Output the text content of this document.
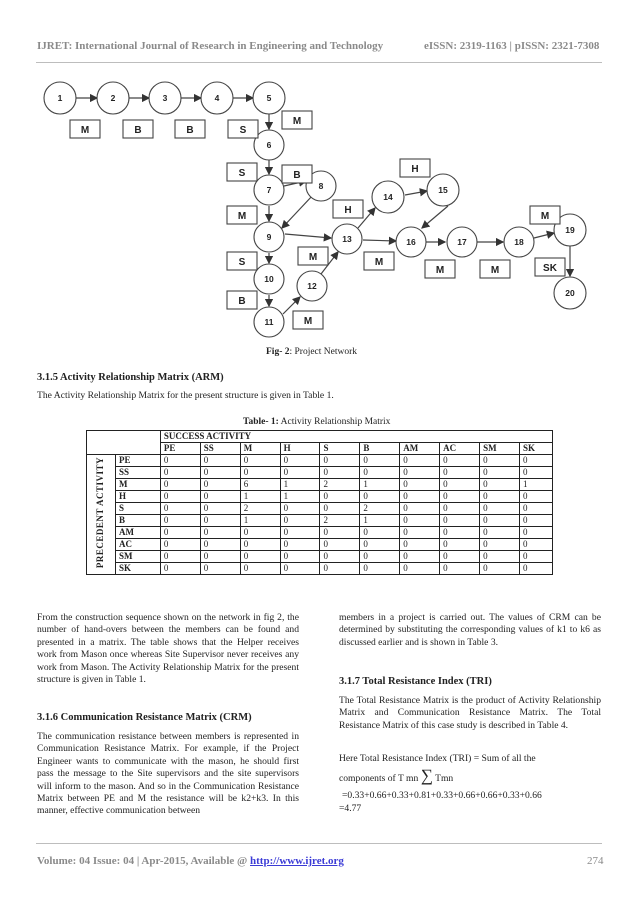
IJRET: International Journal of Research in Engineering and Technology	eISSN: 2319-1163 | pISSN: 2321-7308
1	2	3	4	5
6
7	8
9
10
11
12
13
14
15
16	17	18
19
20
M	B	B	S
M
S	B
H
M
S	M
B
M
H
M
M	M	SK
M
Fig- 2: Project Network
3.1.5 Activity Relationship Matrix (ARM)
The Activity Relationship Matrix for the present structure is given in Table 1.
Table- 1: Activity Relationship Matrix
		SUCCESS ACTIVITY									
		PE	SS	M	H	S	B	AM	AC	SM	SK
PRECEDENT ACTIVITY	PE	0	0	0	0	0	0	0	0	0	0
	SS	0	0	0	0	0	0	0	0	0	0
	M	0	0	6	1	2	1	0	0	0	1
	H	0	0	1	1	0	0	0	0	0	0
	S	0	0	2	0	0	2	0	0	0	0
	B	0	0	1	0	2	1	0	0	0	0
	AM	0	0	0	0	0	0	0	0	0	0
	AC	0	0	0	0	0	0	0	0	0	0
	SM	0	0	0	0	0	0	0	0	0	0
	SK	0	0	0	0	0	0	0	0	0	0
From the construction sequence shown on the network in fig 2, the number of hand-overs between the members can be found and presented in a matrix. The table shows that the Helper receives work from Mason once whereas Site Supervisor never receives any work from Mason. The Activity Relationship Matrix for the present structure is given in Table 1.
3.1.6 Communication Resistance Matrix (CRM)
The communication resistance between members is represented in Communication Resistance Matrix. For example, if the Project Engineer wants to communicate with the mason, he should first pass the message to the Site supervisors and the site supervisors will inform to the mason. And so in the Communication Resistance Matrix between PE and M the resistance will be k2+k3. In this manner, effective communication between
members in a project is carried out. The values of CRM can be determined by substituting the corresponding values of k1 to k6 as discussed earlier and is shown in Table 3.
3.1.7 Total Resistance Index (TRI)
The Total Resistance Matrix is the product of Activity Relationship Matrix and Communication Resistance Matrix. The Total Resistance Matrix of this case study is described in Table 4.
Here Total Resistance Index (TRI) = Sum of all the
components of T mn ∑ Tmn
=0.33+0.66+0.33+0.81+0.33+0.66+0.66+0.33+0.66
=4.77
Volume: 04 Issue: 04 | Apr-2015, Available @ http://www.ijret.org	274
